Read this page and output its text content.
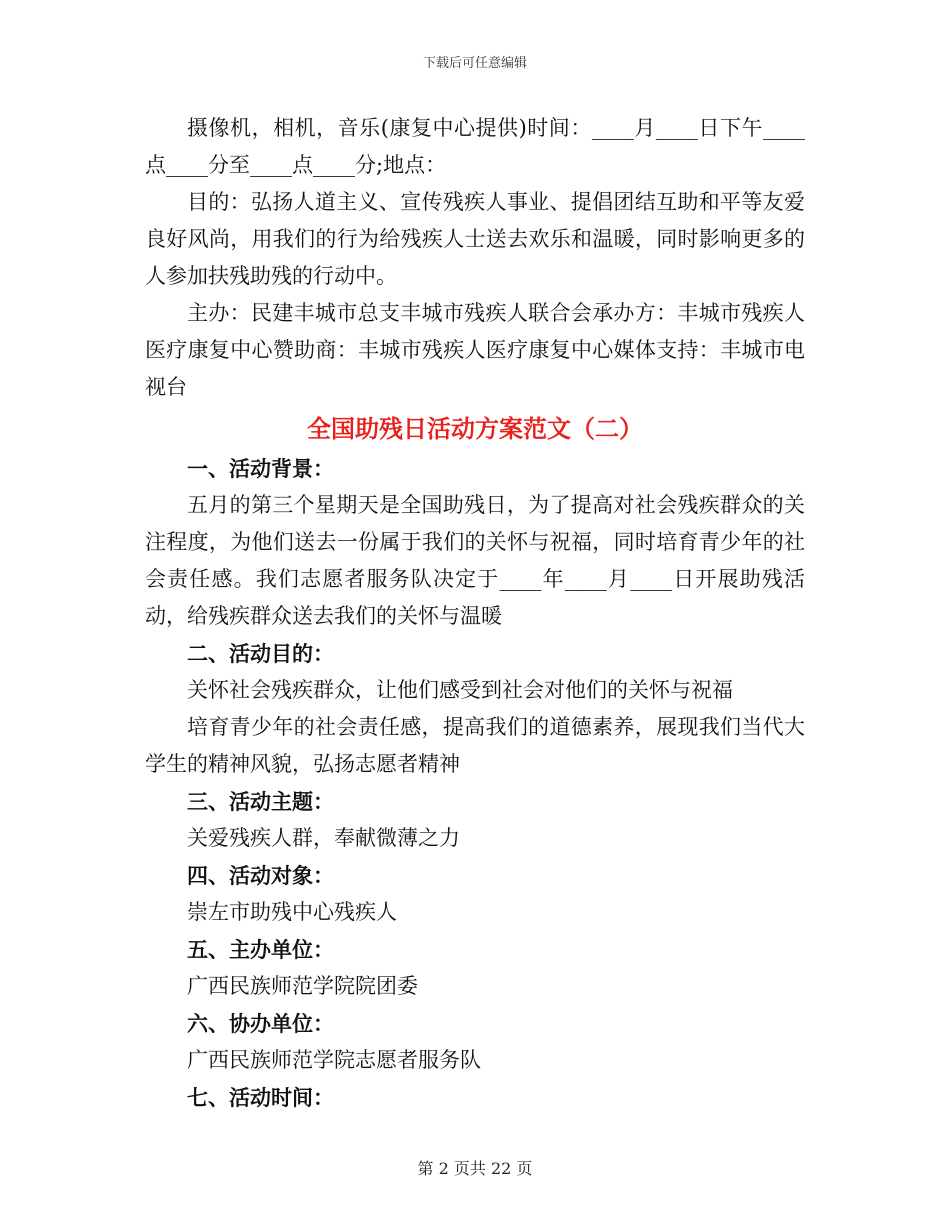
下载后可任意编辑

摄像机，相机，音乐(康复中心提供)时间：____月____日下午____点____分至____点____分;地点：

目的：弘扬人道主义、宣传残疾人事业、提倡团结互助和平等友爱良好风尚，用我们的行为给残疾人士送去欢乐和温暖，同时影响更多的人参加扶残助残的行动中。

主办：民建丰城市总支丰城市残疾人联合会承办方：丰城市残疾人医疗康复中心赞助商：丰城市残疾人医疗康复中心媒体支持：丰城市电视台

全国助残日活动方案范文（二）

一、活动背景：

五月的第三个星期天是全国助残日，为了提高对社会残疾群众的关注程度，为他们送去一份属于我们的关怀与祝福，同时培育青少年的社会责任感。我们志愿者服务队决定于____年____月____日开展助残活动，给残疾群众送去我们的关怀与温暖

二、活动目的：

关怀社会残疾群众，让他们感受到社会对他们的关怀与祝福

培育青少年的社会责任感，提高我们的道德素养，展现我们当代大学生的精神风貌，弘扬志愿者精神

三、活动主题：

关爱残疾人群，奉献微薄之力

四、活动对象：

崇左市助残中心残疾人

五、主办单位：

广西民族师范学院院团委

六、协办单位：

广西民族师范学院志愿者服务队

七、活动时间：

第 2 页共 22 页
